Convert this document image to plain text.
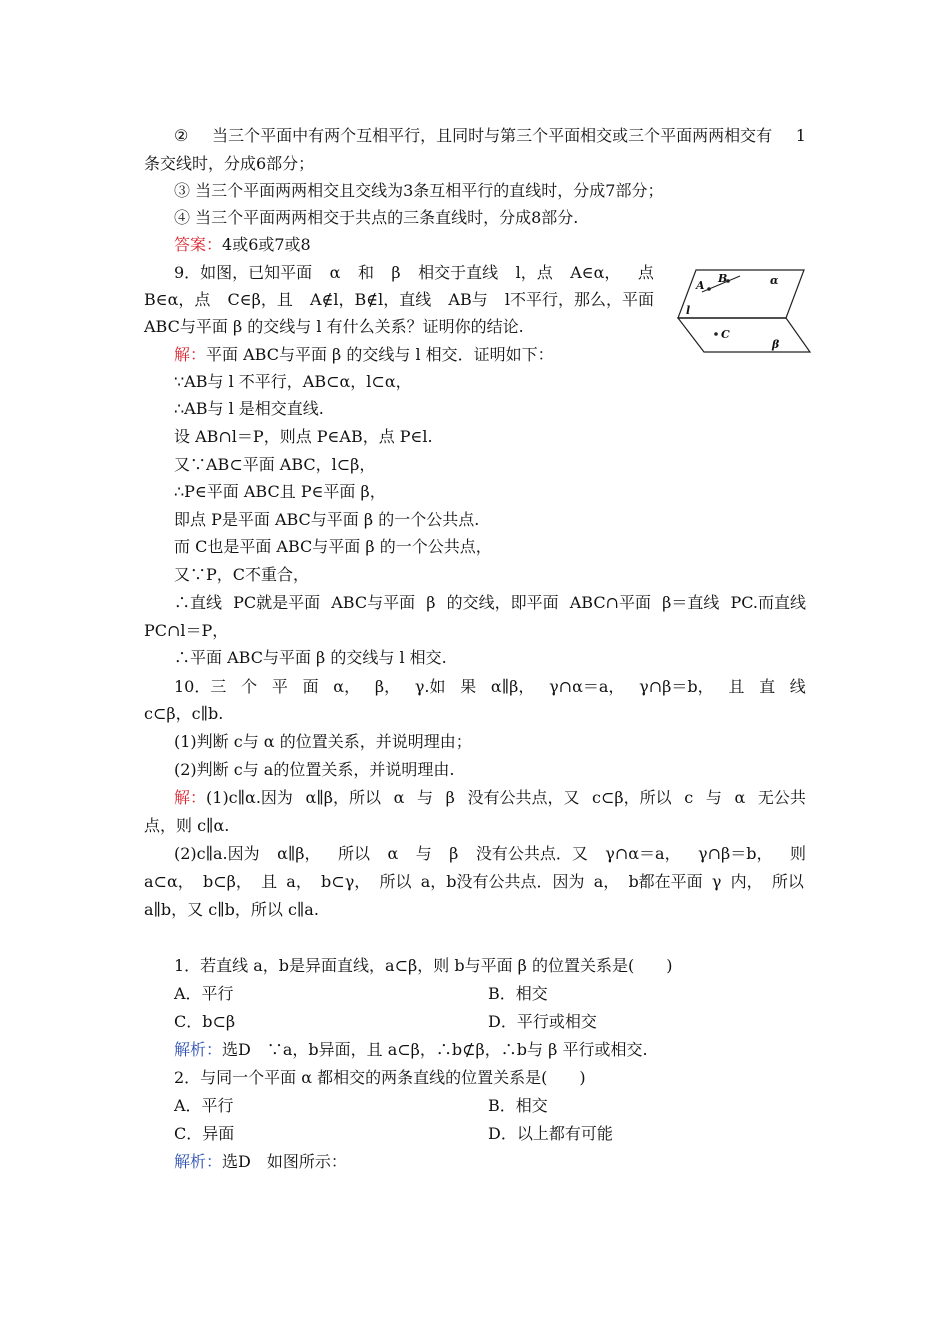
② 当三个平面中有两个互相平行，且同时与第三个平面相交或三个平面两两相交有 1
条交线时，分成6部分；
③ 当三个平面两两相交且交线为3条互相平行的直线时，分成7部分；
④ 当三个平面两两相交于共点的三条直线时，分成8部分.
答案：4或6或7或8
9．如图，已知平面 α 和 β 相交于直线 l，点 A∈α， 点
B∈α，点 C∈β，且 A∉l，B∉l，直线 AB与 l不平行，那么，平面
ABC与平面 β 的交线与 l 有什么关系？证明你的结论.
A
B	α
l
C
β
解：平面 ABC与平面 β 的交线与 l 相交．证明如下：
∵AB与 l 不平行，AB⊂α，l⊂α，
∴AB与 l 是相交直线.
设 AB∩l＝P，则点 P∈AB，点 P∈l.
又∵AB⊂平面 ABC，l⊂β，
∴P∈平面 ABC且 P∈平面 β，
即点 P是平面 ABC与平面 β 的一个公共点.
而 C也是平面 ABC与平面 β 的一个公共点，
又∵P，C不重合，
∴直线 PC就是平面 ABC与平面 β 的交线，即平面 ABC∩平面 β＝直线 PC.而直线
PC∩l＝P，
∴平面 ABC与平面 β 的交线与 l 相交.
10．三 个 平 面 α， β， γ.如 果 α∥β， γ∩α＝a， γ∩β＝b， 且 直 线
c⊂β，c∥b.
(1)判断 c与 α 的位置关系，并说明理由；
(2)判断 c与 a的位置关系，并说明理由.
解： (1)c∥α.因为 α∥β，所以 α 与 β 没有公共点，又 c⊂β，所以 c 与 α 无公共
点，则 c∥α.
(2)c∥a.因为 α∥β， 所以 α 与 β 没有公共点．又 γ∩α＝a， γ∩β＝b， 则
a⊂α， b⊂β， 且 a， b⊂γ， 所以 a，b没有公共点．因为 a， b都在平面 γ 内， 所以
a∥b，又 c∥b，所以 c∥a.
1．若直线 a，b是异面直线，a⊂β，则 b与平面 β 的位置关系是(　　)
A．平行	B．相交
C．b⊂β	D．平行或相交
解析：选D　∵a，b异面，且 a⊂β，∴b⊄β，∴b与 β 平行或相交.
2．与同一个平面 α 都相交的两条直线的位置关系是(　　)
A．平行	B．相交
C．异面	D．以上都有可能
解析：选D　如图所示：
